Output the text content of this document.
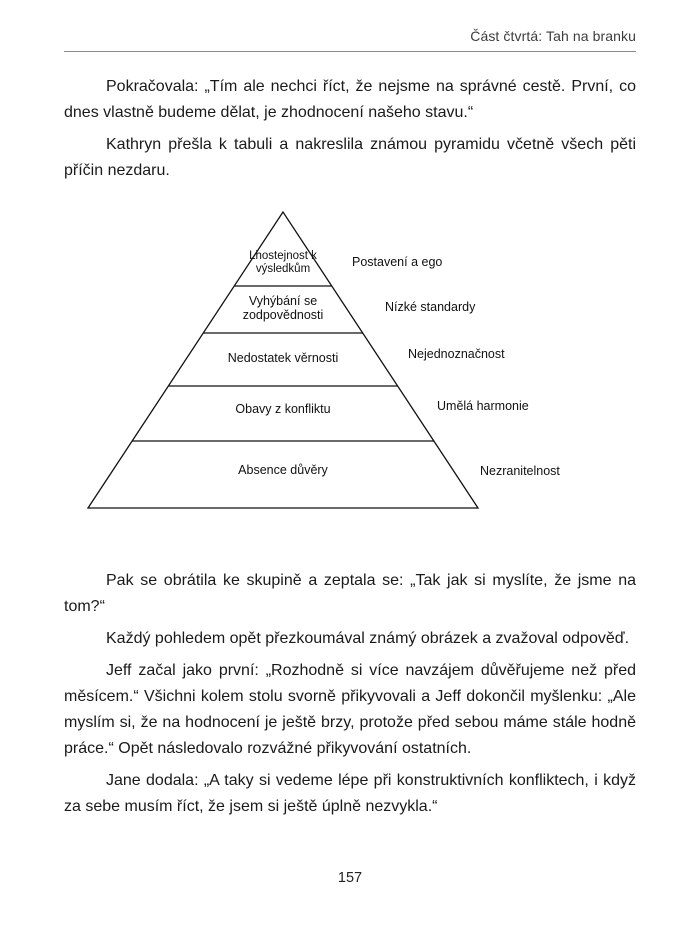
Část čtvrtá: Tah na branku

Pokračovala: „Tím ale nechci říct, že nejsme na správné cestě. První, co dnes vlastně budeme dělat, je zhodnocení našeho stavu.“

Kathryn přešla k tabuli a nakreslila známou pyramidu včetně všech pěti příčin nezdaru.

Lhostejnost k výsledkům
Vyhýbání se zodpovědnosti
Nedostatek věrnosti
Obavy z konfliktu
Absence důvěry
Postavení a ego
Nízké standardy
Nejednoznačnost
Umělá harmonie
Nezranitelnost

Pak se obrátila ke skupině a zeptala se: „Tak jak si myslíte, že jsme na tom?“

Každý pohledem opět přezkoumával známý obrázek a zvažoval odpověď.

Jeff začal jako první: „Rozhodně si více navzájem důvěřujeme než před měsícem.“ Všichni kolem stolu svorně přikyvovali a Jeff dokončil myšlenku: „Ale myslím si, že na hodnocení je ještě brzy, protože před sebou máme stále hodně práce.“ Opět následovalo rozvážné přikyvování ostatních.

Jane dodala: „A taky si vedeme lépe při konstruktivních konfliktech, i když za sebe musím říct, že jsem si ještě úplně nezvykla.“

157
